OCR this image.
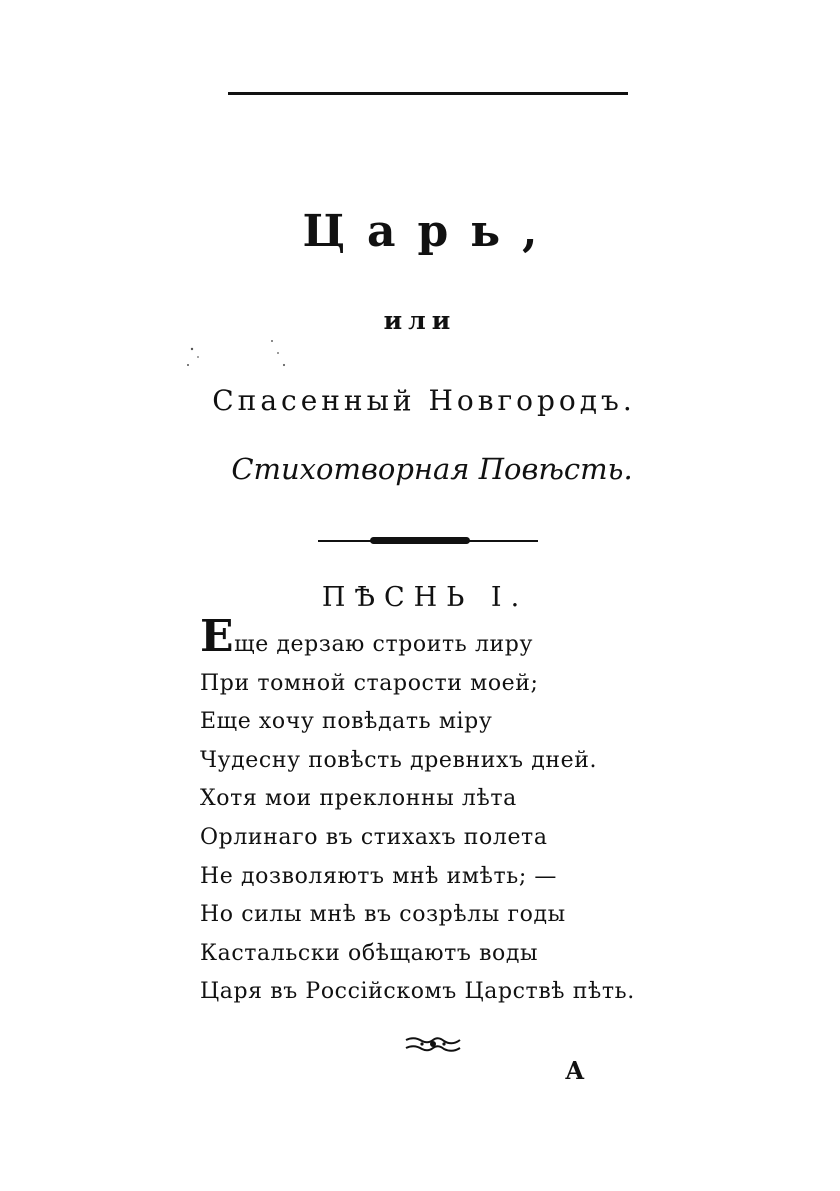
Царь,
или
Спасенный Новгородъ.
Стихотворная Повѣсть.
ПѢСНЬ I.
Еще дерзаю строить лиру
При томной старости моей;
Еще хочу повѣдать мiру
Чудесну повѣсть древнихъ дней.
Хотя мои преклонны лѣта
Орлинаго въ стихахъ полета
Не дозволяютъ мнѣ имѣть; —
Но силы мнѣ въ созрѣлы годы
Кастальски обѣщаютъ воды
Царя въ Россiйскомъ Царствѣ пѣть.
А
